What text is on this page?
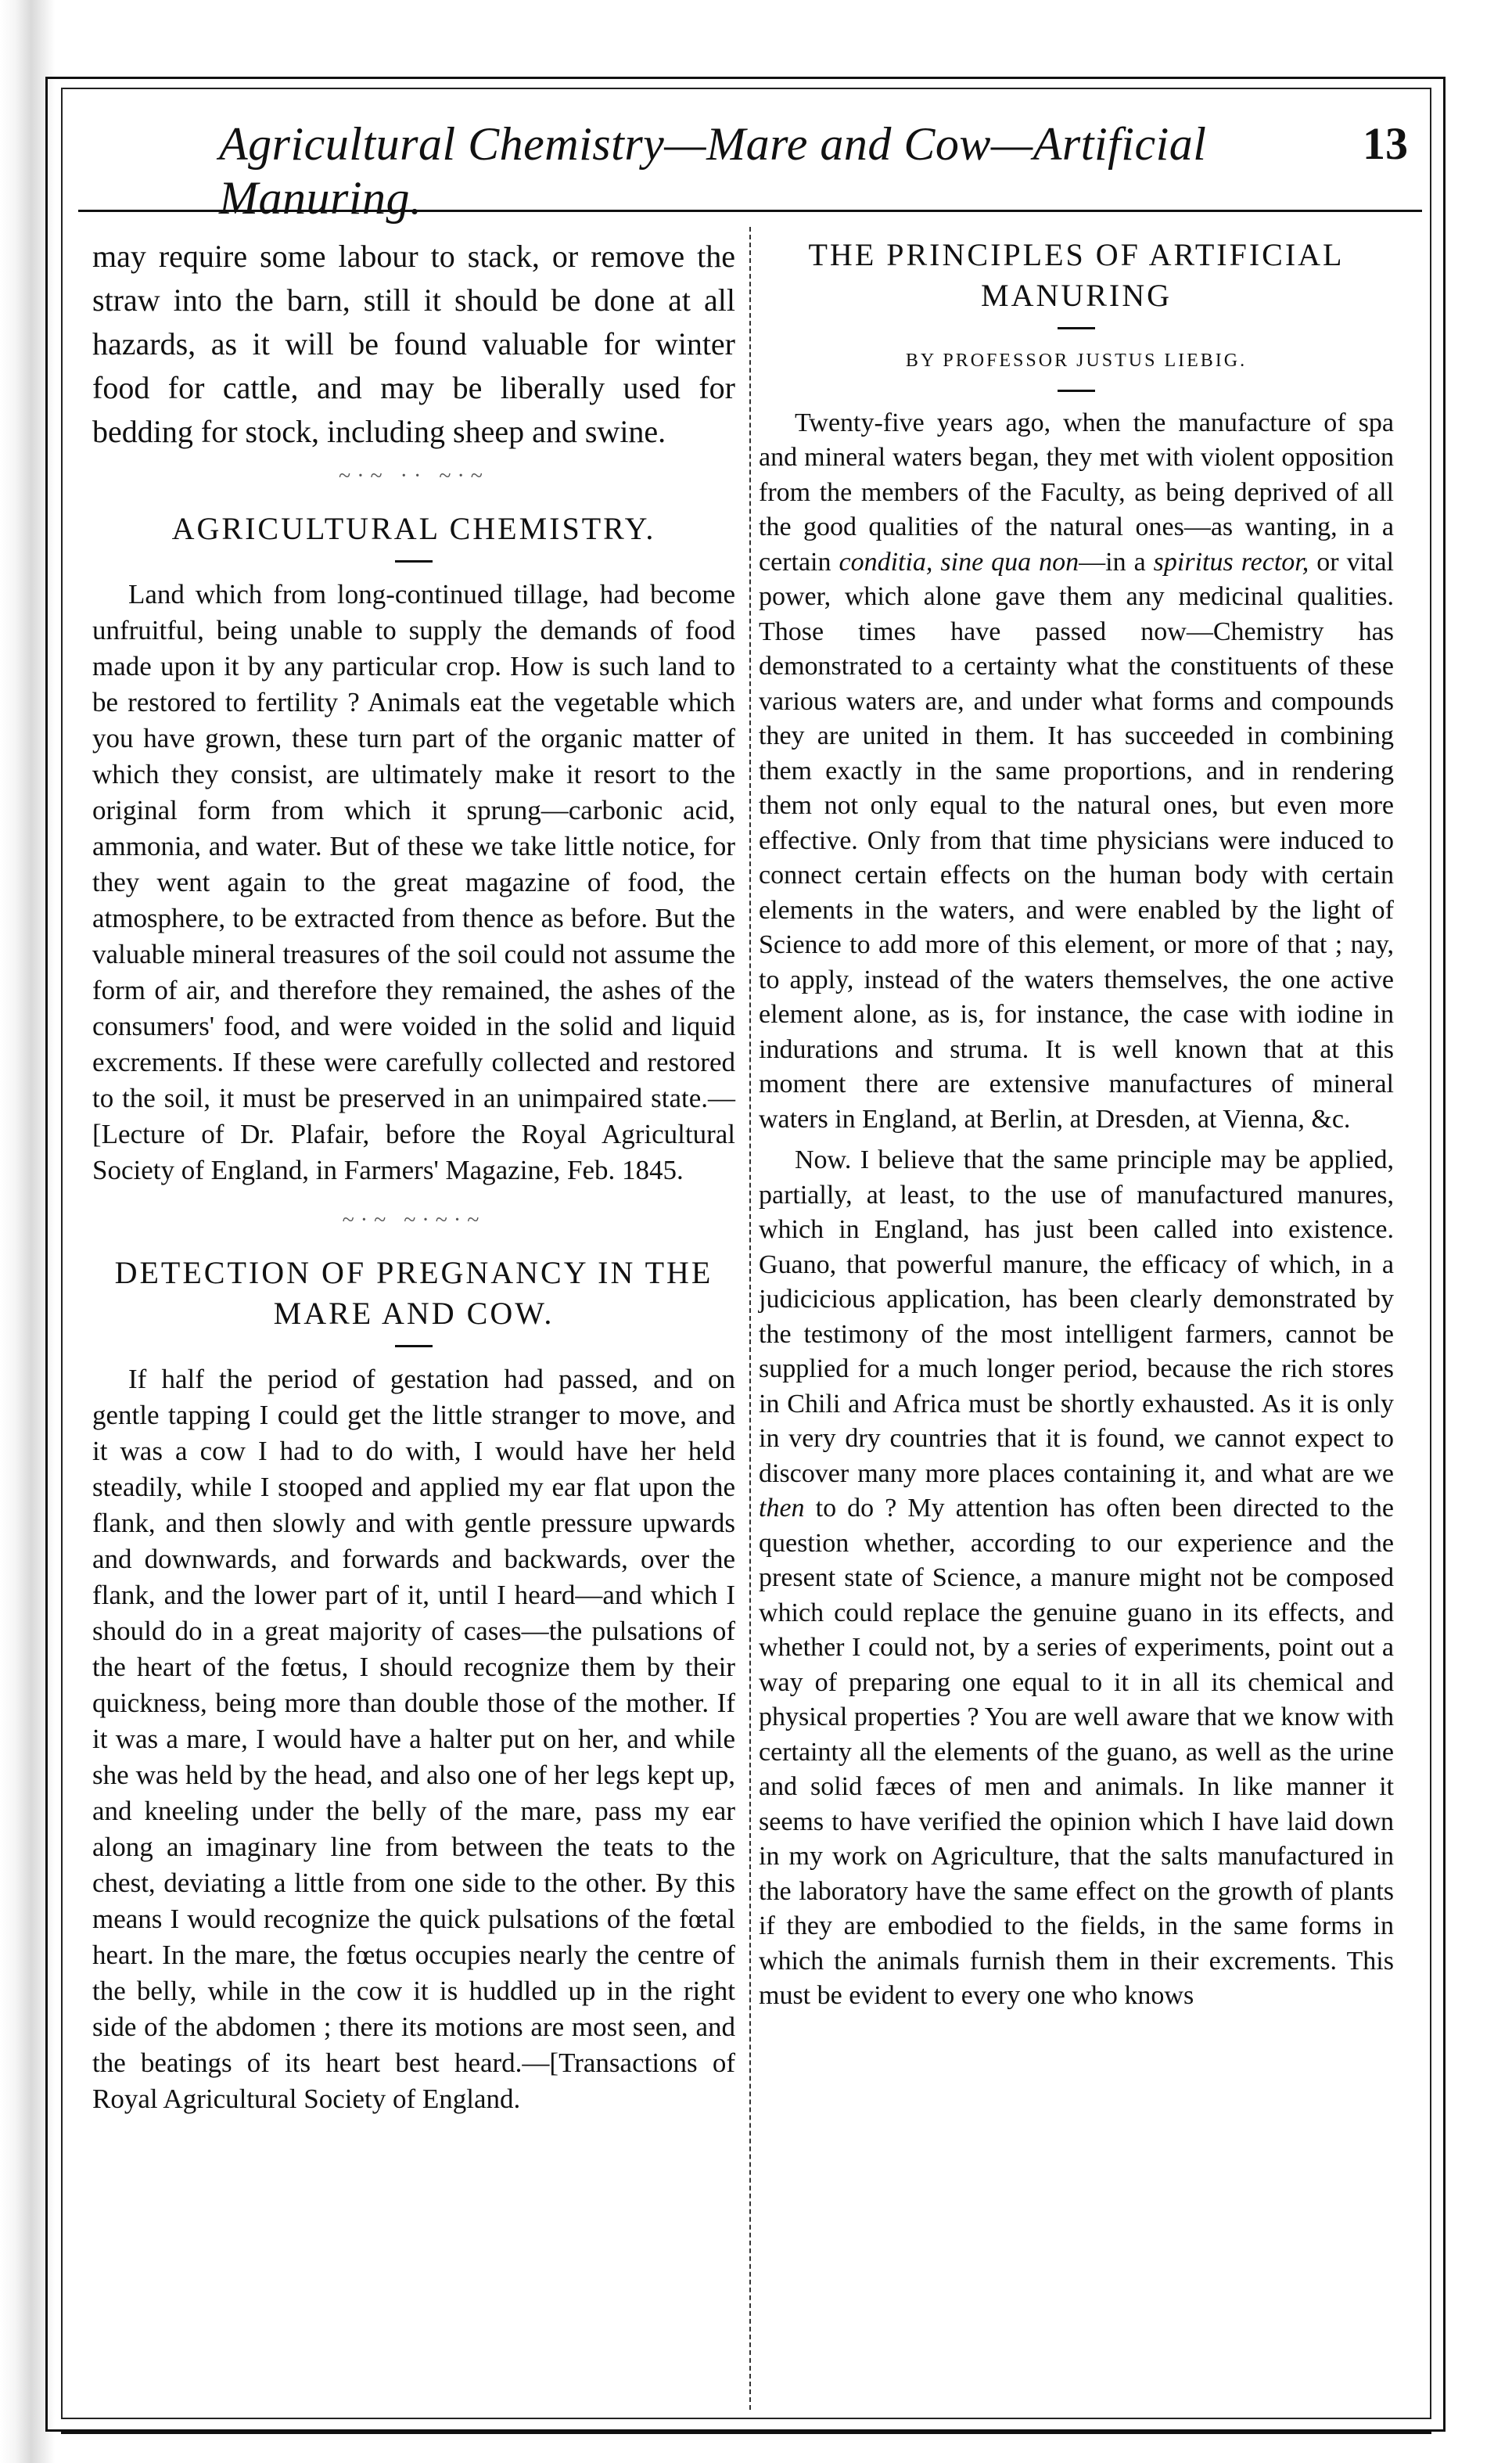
Agricultural Chemistry—Mare and Cow—Artificial Manuring.
13
may require some labour to stack, or remove the straw into the barn, still it should be done at all hazards, as it will be found valuable for winter food for cattle, and may be liberally used for bedding for stock, including sheep and swine.
~·~ ·· ~·~
AGRICULTURAL CHEMISTRY.

Land which from long-continued tillage, had become unfruitful, being unable to supply the demands of food made upon it by any particular crop. How is such land to be restored to fertility ? Animals eat the vegetable which you have grown, these turn part of the organic matter of which they consist, are ultimately make it resort to the original form from which it sprung—carbonic acid, ammonia, and water. But of these we take little notice, for they went again to the great magazine of food, the atmosphere, to be extracted from thence as before. But the valuable mineral treasures of the soil could not assume the form of air, and therefore they remained, the ashes of the consumers' food, and were voided in the solid and liquid excrements. If these were carefully collected and restored to the soil, it must be preserved in an unimpaired state.—[Lecture of Dr. Plafair, before the Royal Agricultural Society of England, in Farmers' Magazine, Feb. 1845.

~·~ ~·~·~
DETECTION OF PREGNANCY IN THE
MARE AND COW.

If half the period of gestation had passed, and on gentle tapping I could get the little stranger to move, and it was a cow I had to do with, I would have her held steadily, while I stooped and applied my ear flat upon the flank, and then slowly and with gentle pressure upwards and downwards, and forwards and backwards, over the flank, and the lower part of it, until I heard—and which I should do in a great majority of cases—the pulsations of the heart of the fœtus, I should recognize them by their quickness, being more than double those of the mother. If it was a mare, I would have a halter put on her, and while she was held by the head, and also one of her legs kept up, and kneeling under the belly of the mare, pass my ear along an imaginary line from between the teats to the chest, deviating a little from one side to the other. By this means I would recognize the quick pulsations of the fœtal heart. In the mare, the fœtus occupies nearly the centre of the belly, while in the cow it is huddled up in the right side of the abdomen ; there its motions are most seen, and the beatings of its heart best heard.—[Transactions of Royal Agricultural Society of England.

THE PRINCIPLES OF ARTIFICIAL
MANURING
BY PROFESSOR JUSTUS LIEBIG.

Twenty-five years ago, when the manufacture of spa and mineral waters began, they met with violent opposition from the members of the Faculty, as being deprived of all the good qualities of the natural ones—as wanting, in a certain conditia, sine qua non—in a spiritus rector, or vital power, which alone gave them any medicinal qualities. Those times have passed now—Chemistry has demonstrated to a certainty what the constituents of these various waters are, and under what forms and compounds they are united in them. It has succeeded in combining them exactly in the same proportions, and in rendering them not only equal to the natural ones, but even more effective. Only from that time physicians were induced to connect certain effects on the human body with certain elements in the waters, and were enabled by the light of Science to add more of this element, or more of that ; nay, to apply, instead of the waters themselves, the one active element alone, as is, for instance, the case with iodine in indurations and struma. It is well known that at this moment there are extensive manufactures of mineral waters in England, at Berlin, at Dresden, at Vienna, &c.

Now. I believe that the same principle may be applied, partially, at least, to the use of manufactured manures, which in England, has just been called into existence. Guano, that powerful manure, the efficacy of which, in a judicicious application, has been clearly demonstrated by the testimony of the most intelligent farmers, cannot be supplied for a much longer period, because the rich stores in Chili and Africa must be shortly exhausted. As it is only in very dry countries that it is found, we cannot expect to discover many more places containing it, and what are we then to do ? My attention has often been directed to the question whether, according to our experience and the present state of Science, a manure might not be composed which could replace the genuine guano in its effects, and whether I could not, by a series of experiments, point out a way of preparing one equal to it in all its chemical and physical properties ? You are well aware that we know with certainty all the elements of the guano, as well as the urine and solid fæces of men and animals. In like manner it seems to have verified the opinion which I have laid down in my work on Agriculture, that the salts manufactured in the laboratory have the same effect on the growth of plants if they are embodied to the fields, in the same forms in which the animals furnish them in their excrements. This must be evident to every one who knows
